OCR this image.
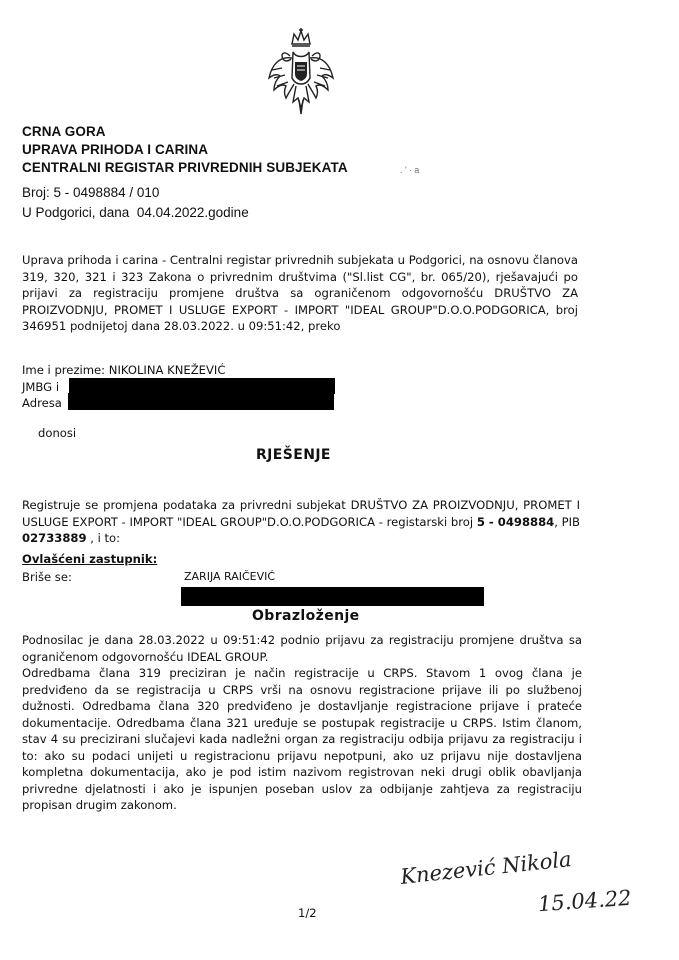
CRNA GORA
UPRAVA PRIHODA I CARINA
CENTRALNI REGISTAR PRIVREDNIH SUBJEKATA	. ' ∙ a
Broj: 5 - 0498884 / 010
U Podgorici, dana 04.04.2022.godine
Uprava prihoda i carina - Centralni registar privrednih subjekata u Podgorici, na osnovu članova 319, 320, 321 i 323 Zakona o privrednim društvima ("Sl.list CG", br. 065/20), rješavajući po prijavi za registraciju promjene društva sa ograničenom odgovornošću DRUŠTVO ZA PROIZVODNJU, PROMET I USLUGE EXPORT - IMPORT "IDEAL GROUP"D.O.O.PODGORICA, broj 346951 podnijetoj dana 28.03.2022. u 09:51:42, preko
Ime i prezime: NIKOLINA KNEŽEVIĆ
JMBG i
Adresa
donosi
RJEŠENJE
Registruje se promjena podataka za privredni subjekat DRUŠTVO ZA PROIZVODNJU, PROMET I USLUGE EXPORT - IMPORT "IDEAL GROUP"D.O.O.PODGORICA - registarski broj 5 - 0498884, PIB 02733889 , i to:
Ovlašćeni zastupnik:
Briše se:	ZARIJA RAIČEVIĆ
Obrazloženje
Podnosilac je dana 28.03.2022 u 09:51:42 podnio prijavu za registraciju promjene društva sa ograničenom odgovornošću IDEAL GROUP.
Odredbama člana 319 preciziran je način registracije u CRPS. Stavom 1 ovog člana je predviđeno da se registracija u CRPS vrši na osnovu registracione prijave ili po službenoj dužnosti. Odredbama člana 320 predviđeno je dostavljanje registracione prijave i prateće dokumentacije. Odredbama člana 321 uređuje se postupak registracije u CRPS. Istim članom, stav 4 su precizirani slučajevi kada nadležni organ za registraciju odbija prijavu za registraciju i to: ako su podaci unijeti u registracionu prijavu nepotpuni, ako uz prijavu nije dostavljena kompletna dokumentacija, ako je pod istim nazivom registrovan neki drugi oblik obavljanja privredne djelatnosti i ako je ispunjen poseban uslov za odbijanje zahtjeva za registraciju propisan drugim zakonom.
Knezević Nikola
15.04.22
1/2
